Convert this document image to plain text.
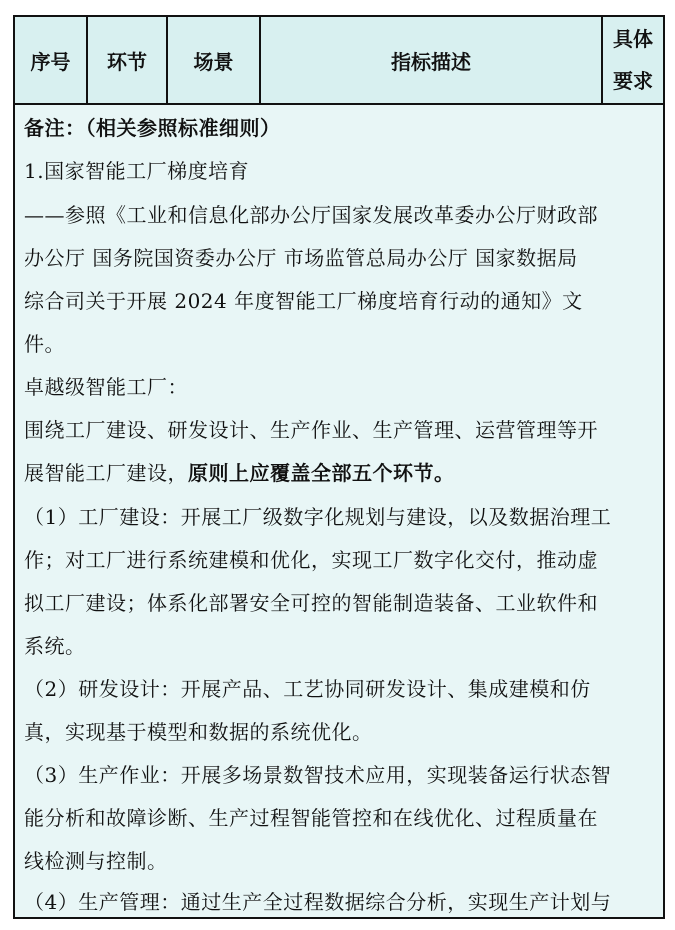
序号 环节 场景	指标描述
具体
要求
备注：（相关参照标准细则）
1.国家智能工厂梯度培育
——参照《工业和信息化部办公厅国家发展改革委办公厅财政部
办公厅 国务院国资委办公厅 市场监管总局办公厅 国家数据局
综合司关于开展 2024 年度智能工厂梯度培育行动的通知》文
件。
卓越级智能工厂：
围绕工厂建设、研发设计、生产作业、生产管理、运营管理等开
展智能工厂建设，原则上应覆盖全部五个环节。
（1）工厂建设：开展工厂级数字化规划与建设，以及数据治理工
作；对工厂进行系统建模和优化，实现工厂数字化交付，推动虚
拟工厂建设；体系化部署安全可控的智能制造装备、工业软件和
系统。
（2）研发设计：开展产品、工艺协同研发设计、集成建模和仿
真，实现基于模型和数据的系统优化。
（3）生产作业：开展多场景数智技术应用，实现装备运行状态智
能分析和故障诊断、生产过程智能管控和在线优化、过程质量在
线检测与控制。
（4）生产管理：通过生产全过程数据综合分析，实现生产计划与
